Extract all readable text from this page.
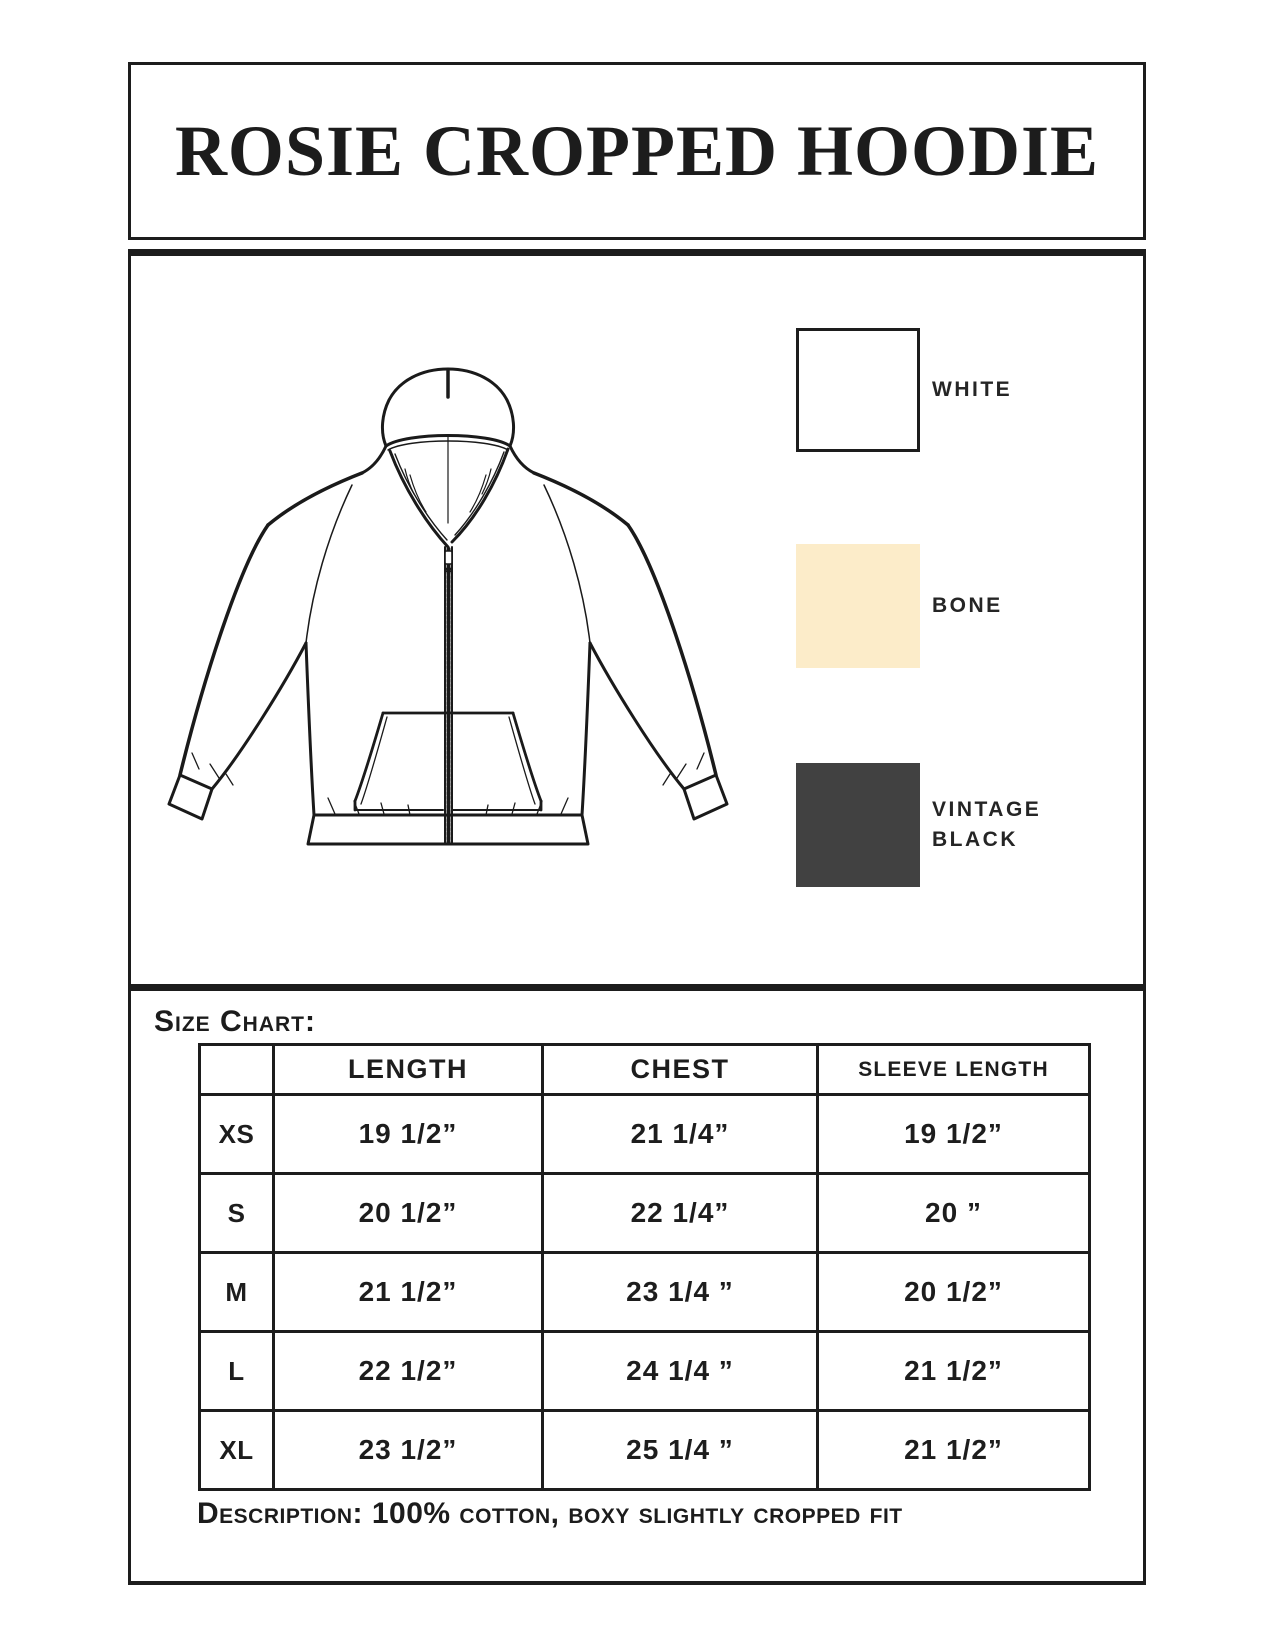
ROSIE CROPPED HOODIE
WHITE
BONE
VINTAGE BLACK
Size Chart:
	LENGTH	CHEST	SLEEVE LENGTH
XS	19 1/2”	21 1/4”	19 1/2”
S	20 1/2”	22 1/4”	20 ”
M	21 1/2”	23 1/4 ”	20 1/2”
L	22 1/2”	24 1/4 ”	21 1/2”
XL	23 1/2”	25 1/4 ”	21 1/2”
Description: 100% cotton, boxy slightly cropped fit
